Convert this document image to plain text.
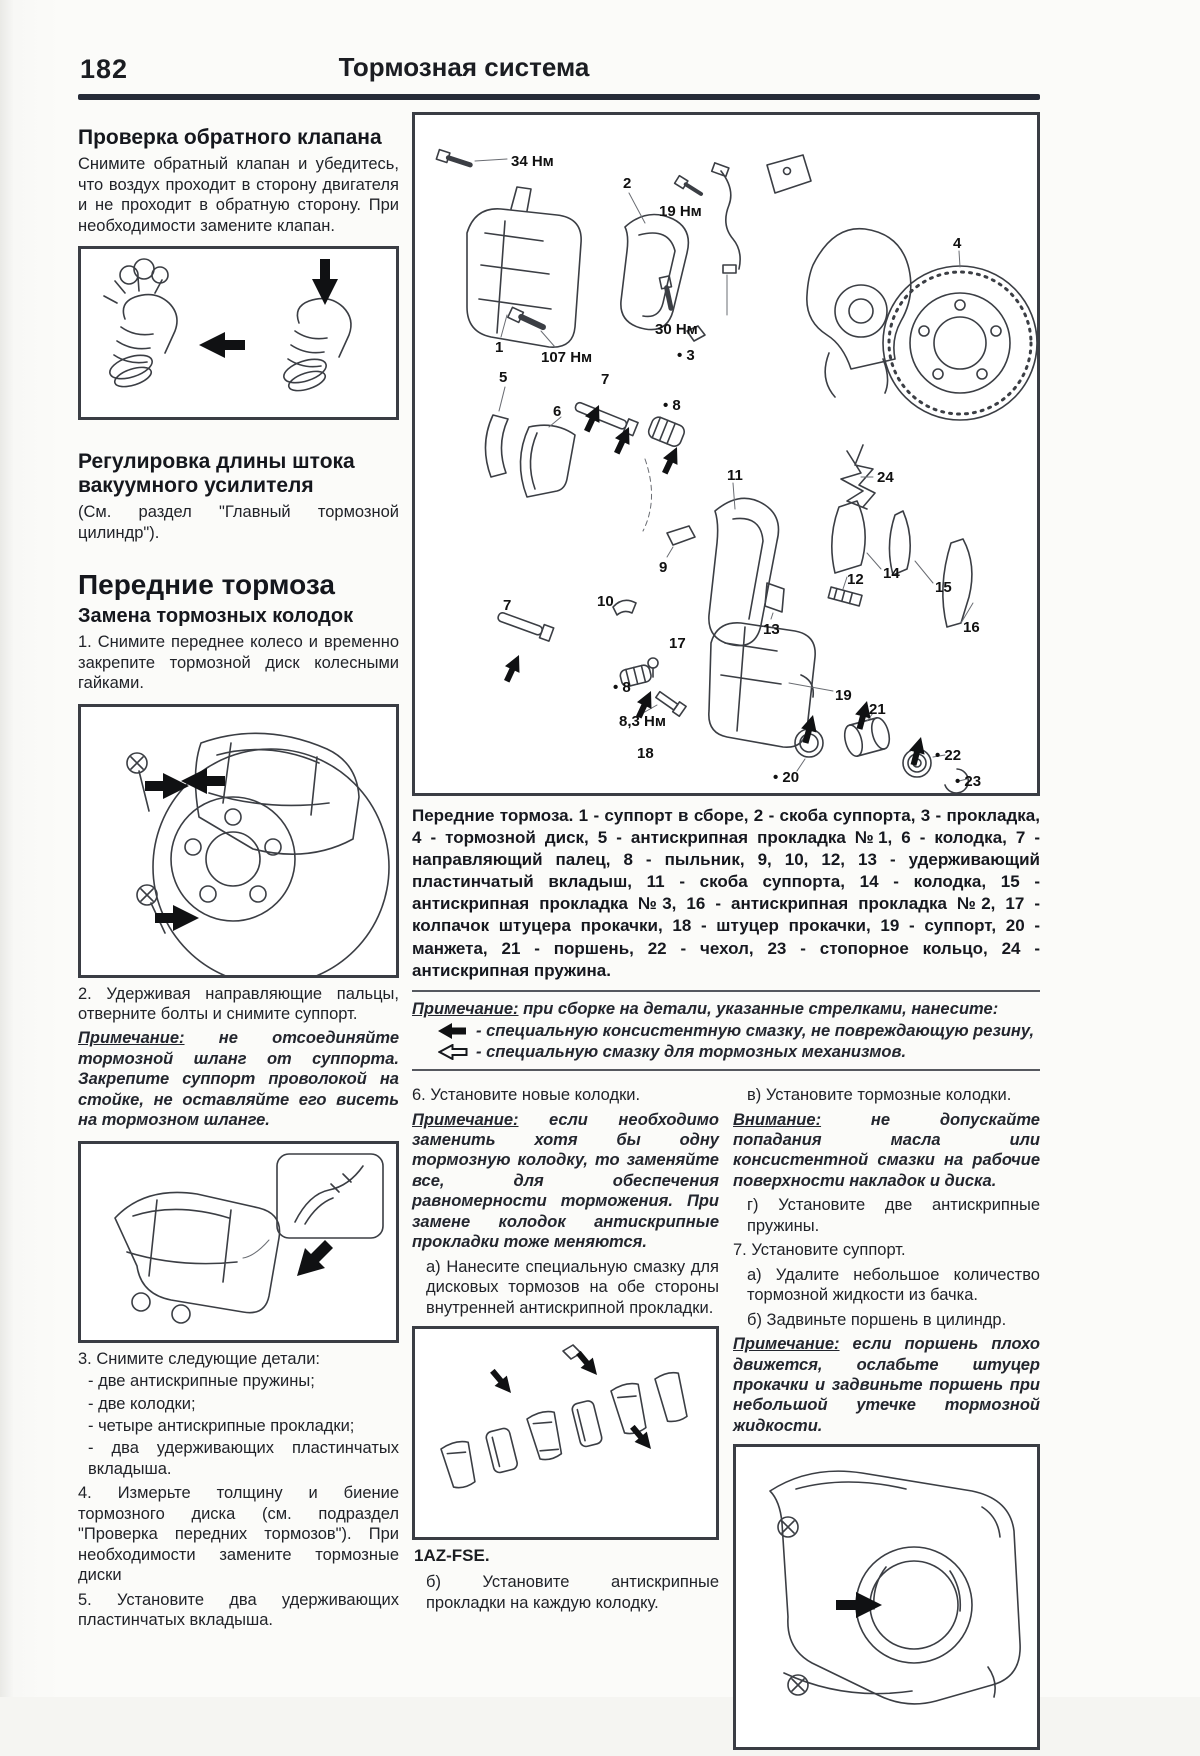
182	Тормозная система
Проверка обратного клапана

Снимите обратный клапан и убедитесь, что воздух проходит в сторону двигателя и не проходит в обратную сторону. При необходимости замените клапан.

Регулировка длины штока вакуумного усилителя

(См. раздел "Главный тормозной цилиндр").

Передние тормоза
Замена тормозных колодок

1. Снимите переднее колесо и временно закрепите тормозной диск колесными гайками.

2. Удерживая направляющие пальцы, отверните болты и снимите суппорт.

Примечание: не отсоединяйте тормозной шланг от суппорта. Закрепите суппорт проволокой на стойке, не оставляйте его висеть на тормозном шланге.

3. Снимите следующие детали:

- две антискрипные пружины;

- две колодки;

- четыре антискрипные прокладки;

- два удерживающих пластинчатых вкладыша.

4. Измерьте толщину и биение тормозного диска (см. подраздел "Проверка передних тормозов"). При необходимости замените тормозные диски

5. Установите два удерживающих пластинчатых вкладыша.

34 Нм
2
19 Нм
1
107 Нм
30 Нм
• 3
4
5
6
7
• 8
11	24
9
10
12
13
14
15
16
7
17
• 8
8,3 Нм
18
19
21
• 20
• 22
• 23
Передние тормоза. 1 - суппорт в сборе, 2 - скоба суппорта, 3 - прокладка, 4 - тормозной диск, 5 - антискрипная прокладка №1, 6 - колодка, 7 - направляющий палец, 8 - пыльник, 9, 10, 12, 13 - удерживающий пластинчатый вкладыш, 11 - скоба суппорта, 14 - колодка, 15 - антискрипная прокладка №3, 16 - антискрипная прокладка №2, 17 - колпачок штуцера прокачки, 18 - штуцер прокачки, 19 - суппорт, 20 - манжета, 21 - поршень, 22 - чехол, 23 - стопорное кольцо, 24 - антискрипная пружина.

Примечание: при сборке на детали, указанные стрелками, нанесите:

- специальную консистентную смазку, не повреждающую резину,

- специальную смазку для тормозных механизмов.

6. Установите новые колодки.

Примечание: если необходимо заменить хотя бы одну тормозную колодку, то заменяйте все, для обеспечения равномерности торможения. При замене колодок антискрипные прокладки тоже меняются.

а) Нанесите специальную смазку для дисковых тормозов на обе стороны внутренней антискрипной прокладки.

1AZ-FSE.

б) Установите антискрипные прокладки на каждую колодку.

в) Установите тормозные колодки.

Внимание: не допускайте попадания масла или консистентной смазки на рабочие поверхности накладок и диска.

г) Установите две антискрипные пружины.

7. Установите суппорт.

а) Удалите небольшое количество тормозной жидкости из бачка.

б) Задвиньте поршень в цилиндр.

Примечание: если поршень плохо движется, ослабьте штуцер прокачки и задвиньте поршень при небольшой утечке тормозной жидкости.
